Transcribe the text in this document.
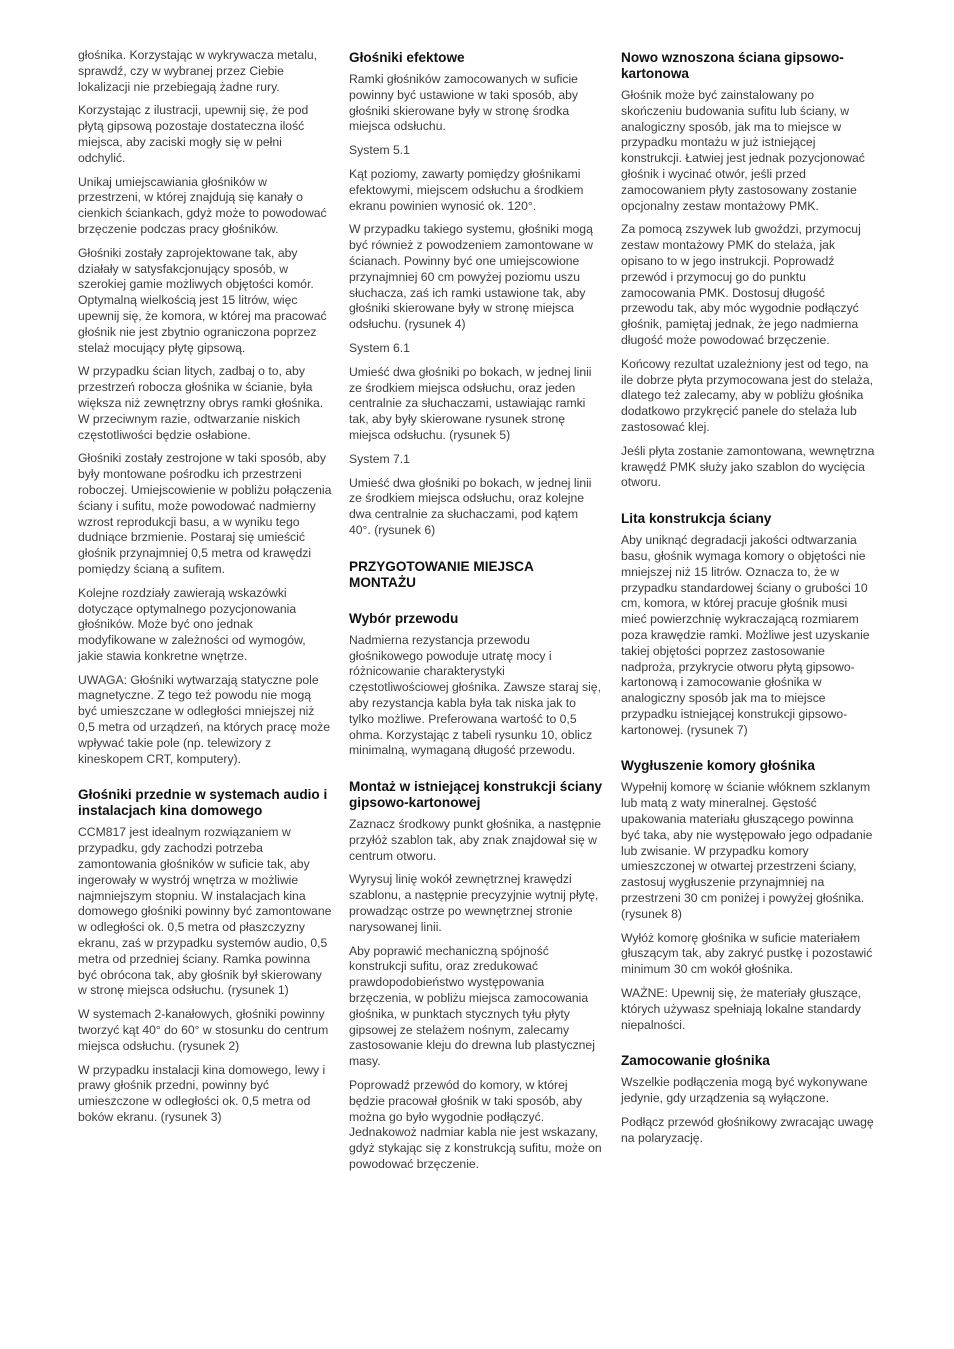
głośnika. Korzystając w wykrywacza metalu, sprawdź, czy w wybranej przez Ciebie lokalizacji nie przebiegają żadne rury.

Korzystając z ilustracji, upewnij się, że pod płytą gipsową pozostaje dostateczna ilość miejsca, aby zaciski mogły się w pełni odchylić.

Unikaj umiejscawiania głośników w przestrzeni, w której znajdują się kanały o cienkich ściankach, gdyż może to powodować brzęczenie podczas pracy głośników.

Głośniki zostały zaprojektowane tak, aby działały w satysfakcjonujący sposób, w szerokiej gamie możliwych objętości komór. Optymalną wielkością jest 15 litrów, więc upewnij się, że komora, w której ma pracować głośnik nie jest zbytnio ograniczona poprzez stelaż mocujący płytę gipsową.

W przypadku ścian litych, zadbaj o to, aby przestrzeń robocza głośnika w ścianie, była większa niż zewnętrzny obrys ramki głośnika. W przeciwnym razie, odtwarzanie niskich częstotliwości będzie osłabione.

Głośniki zostały zestrojone w taki sposób, aby były montowane pośrodku ich przestrzeni roboczej. Umiejscowienie w pobliżu połączenia ściany i sufitu, może powodować nadmierny wzrost reprodukcji basu, a w wyniku tego dudniące brzmienie. Postaraj się umieścić głośnik przynajmniej 0,5 metra od krawędzi pomiędzy ścianą a sufitem.

Kolejne rozdziały zawierają wskazówki dotyczące optymalnego pozycjonowania głośników. Może być ono jednak modyfikowane w zależności od wymogów, jakie stawia konkretne wnętrze.

UWAGA: Głośniki wytwarzają statyczne pole magnetyczne. Z tego też powodu nie mogą być umieszczane w odległości mniejszej niż 0,5 metra od urządzeń, na których pracę może wpływać takie pole (np. telewizory z kineskopem CRT, komputery).

Głośniki przednie w systemach audio i instalacjach kina domowego

CCM817 jest idealnym rozwiązaniem w przypadku, gdy zachodzi potrzeba zamontowania głośników w suficie tak, aby ingerowały w wystrój wnętrza w możliwie najmniejszym stopniu. W instalacjach kina domowego głośniki powinny być zamontowane w odległości ok. 0,5 metra od płaszczyzny ekranu, zaś w przypadku systemów audio, 0,5 metra od przedniej ściany. Ramka powinna być obrócona tak, aby głośnik był skierowany w stronę miejsca odsłuchu. (rysunek 1)

W systemach 2-kanałowych, głośniki powinny tworzyć kąt 40° do 60° w stosunku do centrum miejsca odsłuchu. (rysunek 2)

W przypadku instalacji kina domowego, lewy i prawy głośnik przedni, powinny być umieszczone w odległości ok. 0,5 metra od boków ekranu. (rysunek 3)

Głośniki efektowe

Ramki głośników zamocowanych w suficie powinny być ustawione w taki sposób, aby głośniki skierowane były w stronę środka miejsca odsłuchu.

System 5.1

Kąt poziomy, zawarty pomiędzy głośnikami efektowymi, miejscem odsłuchu a środkiem ekranu powinien wynosić ok. 120°.

W przypadku takiego systemu, głośniki mogą być również z powodzeniem zamontowane w ścianach. Powinny być one umiejscowione przynajmniej 60 cm powyżej poziomu uszu słuchacza, zaś ich ramki ustawione tak, aby głośniki skierowane były w stronę miejsca odsłuchu. (rysunek 4)

System 6.1

Umieść dwa głośniki po bokach, w jednej linii ze środkiem miejsca odsłuchu, oraz jeden centralnie za słuchaczami, ustawiając ramki tak, aby były skierowane rysunek stronę miejsca odsłuchu. (rysunek 5)

System 7.1

Umieść dwa głośniki po bokach, w jednej linii ze środkiem miejsca odsłuchu, oraz kolejne dwa centralnie za słuchaczami, pod kątem 40°. (rysunek 6)

PRZYGOTOWANIE MIEJSCA MONTAŻU
Wybór przewodu

Nadmierna rezystancja przewodu głośnikowego powoduje utratę mocy i różnicowanie charakterystyki częstotliwościowej głośnika. Zawsze staraj się, aby rezystancja kabla była tak niska jak to tylko możliwe. Preferowana wartość to 0,5 ohma. Korzystając z tabeli rysunku 10, oblicz minimalną, wymaganą długość przewodu.

Montaż w istniejącej konstrukcji ściany gipsowo-kartonowej

Zaznacz środkowy punkt głośnika, a następnie przyłóż szablon tak, aby znak znajdował się w centrum otworu.

Wyrysuj linię wokół zewnętrznej krawędzi szablonu, a następnie precyzyjnie wytnij płytę, prowadząc ostrze po wewnętrznej stronie narysowanej linii.

Aby poprawić mechaniczną spójność konstrukcji sufitu, oraz zredukować prawdopodobieństwo występowania brzęczenia, w pobliżu miejsca zamocowania głośnika, w punktach stycznych tyłu płyty gipsowej ze stelażem nośnym, zalecamy zastosowanie kleju do drewna lub plastycznej masy.

Poprowadź przewód do komory, w której będzie pracował głośnik w taki sposób, aby można go było wygodnie podłączyć. Jednakowoż nadmiar kabla nie jest wskazany, gdyż stykając się z konstrukcją sufitu, może on powodować brzęczenie.

Nowo wznoszona ściana gipsowo-kartonowa

Głośnik może być zainstalowany po skończeniu budowania sufitu lub ściany, w analogiczny sposób, jak ma to miejsce w przypadku montażu w już istniejącej konstrukcji. Łatwiej jest jednak pozycjonować głośnik i wycinać otwór, jeśli przed zamocowaniem płyty zastosowany zostanie opcjonalny zestaw montażowy PMK.

Za pomocą zszywek lub gwoździ, przymocuj zestaw montażowy PMK do stelaża, jak opisano to w jego instrukcji. Poprowadź przewód i przymocuj go do punktu zamocowania PMK. Dostosuj długość przewodu tak, aby móc wygodnie podłączyć głośnik, pamiętaj jednak, że jego nadmierna długość może powodować brzęczenie.

Końcowy rezultat uzależniony jest od tego, na ile dobrze płyta przymocowana jest do stelaża, dlatego też zalecamy, aby w pobliżu głośnika dodatkowo przykręcić panele do stelaża lub zastosować klej.

Jeśli płyta zostanie zamontowana, wewnętrzna krawędź PMK służy jako szablon do wycięcia otworu.

Lita konstrukcja ściany

Aby uniknąć degradacji jakości odtwarzania basu, głośnik wymaga komory o objętości nie mniejszej niż 15 litrów. Oznacza to, że w przypadku standardowej ściany o grubości 10 cm, komora, w której pracuje głośnik musi mieć powierzchnię wykraczającą rozmiarem poza krawędzie ramki. Możliwe jest uzyskanie takiej objętości poprzez zastosowanie nadproża, przykrycie otworu płytą gipsowo-kartonową i zamocowanie głośnika w analogiczny sposób jak ma to miejsce przypadku istniejącej konstrukcji gipsowo-kartonowej. (rysunek 7)

Wygłuszenie komory głośnika

Wypełnij komorę w ścianie włóknem szklanym lub matą z waty mineralnej. Gęstość upakowania materiału głuszącego powinna być taka, aby nie występowało jego odpadanie lub zwisanie. W przypadku komory umieszczonej w otwartej przestrzeni ściany, zastosuj wygłuszenie przynajmniej na przestrzeni 30 cm poniżej i powyżej głośnika. (rysunek 8)

Wyłóż komorę głośnika w suficie materiałem głuszącym tak, aby zakryć pustkę i pozostawić minimum 30 cm wokół głośnika.

WAŻNE: Upewnij się, że materiały głuszące, których używasz spełniają lokalne standardy niepalności.

Zamocowanie głośnika

Wszelkie podłączenia mogą być wykonywane jedynie, gdy urządzenia są wyłączone.

Podłącz przewód głośnikowy zwracając uwagę na polaryzację.
